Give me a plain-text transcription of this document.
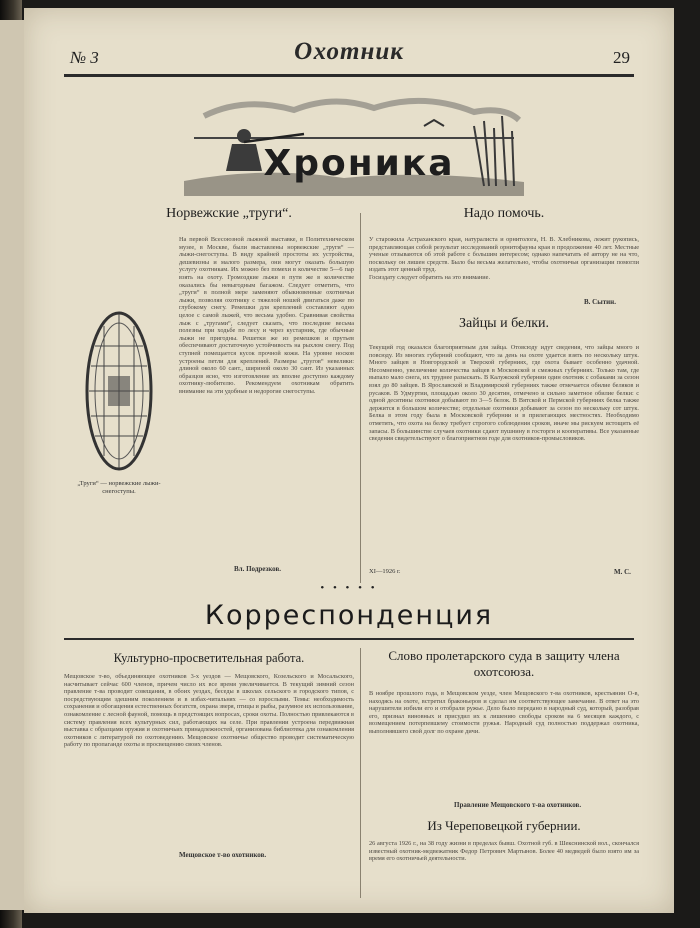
№ 3	Охотник	29
Хроника
Норвежские „труги“.
На первой Всесоюзной лыжной выставке, в Политехническом музее, в Москве, были выставлены норвежские „труги“ — лыжи-снегоступы. В виду крайней простоты их устройства, дешевизны и малого размера, они могут оказать большую услугу охотникам. Их можно без помехи в количестве 5—6 пар взять на охоту. Громоздкие лыжи в пути же в количестве оказались бы невыгодным багажом. Следует отметить, что „труги“ в полной мере заменяют обыкновенные охотничьи лыжи, позволяя охотнику с тяжелой ношей двигаться даже по глубокому снегу. Ремешки для креплений составляют одно целое с самой лыжей, что весьма удобно. Сравнивая свойства лыж с „тругами“, следует сказать, что последние весьма полезны при ходьбе по лесу и через кустарник, где обычные лыжи не пригодны. Решетки же из ремешков и прутьев обеспечивают достаточную устойчивость на рыхлом снегу. Под ступней помещается кусок прочной кожи. На уровне носков устроены петли для креплений. Размеры „тругов“ невелики: длиной около 60 сант., шириной около 30 сант. Из указанных образцов ясно, что изготовление их вполне доступно каждому охотнику-любителю. Рекомендуем охотникам обратить внимание на эти удобные и недорогие снегоступы.
„Труги“ — норвежские лыжи-снегоступы.
Вл. Подрезков.
Надо помочь.
У старожила Астраханского края, натуралиста и орнитолога, Н. В. Хлебникова, лежит рукопись, представляющая собой результат исследований орнитофауны края в продолжение 40 лет. Местные ученые отзываются об этой работе с большим интересом; однако напечатать её автору не на что, поскольку он лишен средств. Было бы весьма желательно, чтобы охотничьи организации помогли издать этот ценный труд.
Госиздату следует обратить на это внимание.
В. Сытин.
Зайцы и белки.
Текущий год оказался благоприятным для зайца. Отовсюду идут сведения, что зайцы много и повсюду. Из многих губерний сообщают, что за день на охоте удается взять по нескольку штук. Много зайцев в Новгородской и Тверской губерниях, где охота бывает особенно удачной. Несомненно, увеличение количества зайцев в Московской и смежных губерниях. Только там, где выпало мало снега, их труднее разыскать. В Калужской губернии один охотник с собаками за сезон взял до 80 зайцев. В Ярославской и Владимирской губерниях также отмечается обилие беляков и русаков. В Удмуртии, площадью около 30 десятин, отмечено и сильно заметное обилие белки: с одной десятины охотники добывают по 3—5 белок. В Вятской и Пермской губерниях белка также держится в большом количестве; отдельные охотники добывают за сезон по нескольку сот штук. Белка в этом году была в Московской губернии и в прилегающих местностях. Необходимо отметить, что охота на белку требует строгого соблюдения сроков, иначе мы рискуем истощить её запасы. В большинстве случаев охотники сдают пушнину в госторги и кооперативы. Все указанные сведения свидетельствуют о благоприятном годе для охотников-промысловиков.
XI—1926 г.	М. С.
• • • • •
Корреспонденция
Культурно-просветительная работа.
Мещовское т-во, объединяющее охотников 3-х уездов — Мещовского, Козельского и Мосальского, насчитывает сейчас 600 членов, причем число их все время увеличивается. В текущий зимний сезон правление т-ва проводит совещания, в обоих уездах, беседы в школах сельского и городского типов, с посредствующим здешним поколением и в избах-читальнях — со взрослыми. Темы: необходимость сохранения и обогащения естественных богатств, охрана зверя, птицы и рыбы, разумное их использование, ознакомление с лесной фауной, помощь в предстоящих вопросах, сроки охоты. Полностью привлекаются в систему правления всех культурных сил, работающих на селе. При правлении устроена передвижная выставка с образцами оружия и охотничьих принадлежностей, организована библиотека для ознакомления охотников с литературой по охотоведению. Мещовское охотничье общество проводит систематическую работу по пропаганде охоты и просвещению своих членов.
Мещовское т-во охотников.
Слово пролетарского суда в защиту члена охотсоюза.
В ноябре прошлого года, в Мещовском уезде, член Мещовского т-ва охотников, крестьянин О-в, находясь на охоте, встретил браконьеров и сделал им соответствующее замечание. В ответ на это нарушители избили его и отобрали ружье. Дело было передано в народный суд, который, разобрав его, признал виновных и присудил их к лишению свободы сроком на 6 месяцев каждого, с возмещением потерпевшему стоимости ружья. Народный суд полностью поддержал охотника, выполнявшего свой долг по охране дичи.
Правление Мещовского т-ва охотников.
Из Череповецкой губернии.
26 августа 1926 г., на 38 году жизни в пределах бывш. Охотной губ. в Шекснинской вол., скончался известный охотник-медвежатник Федор Петрович Мартынов. Более 40 медведей было взято им за время его охотничьей деятельности.
